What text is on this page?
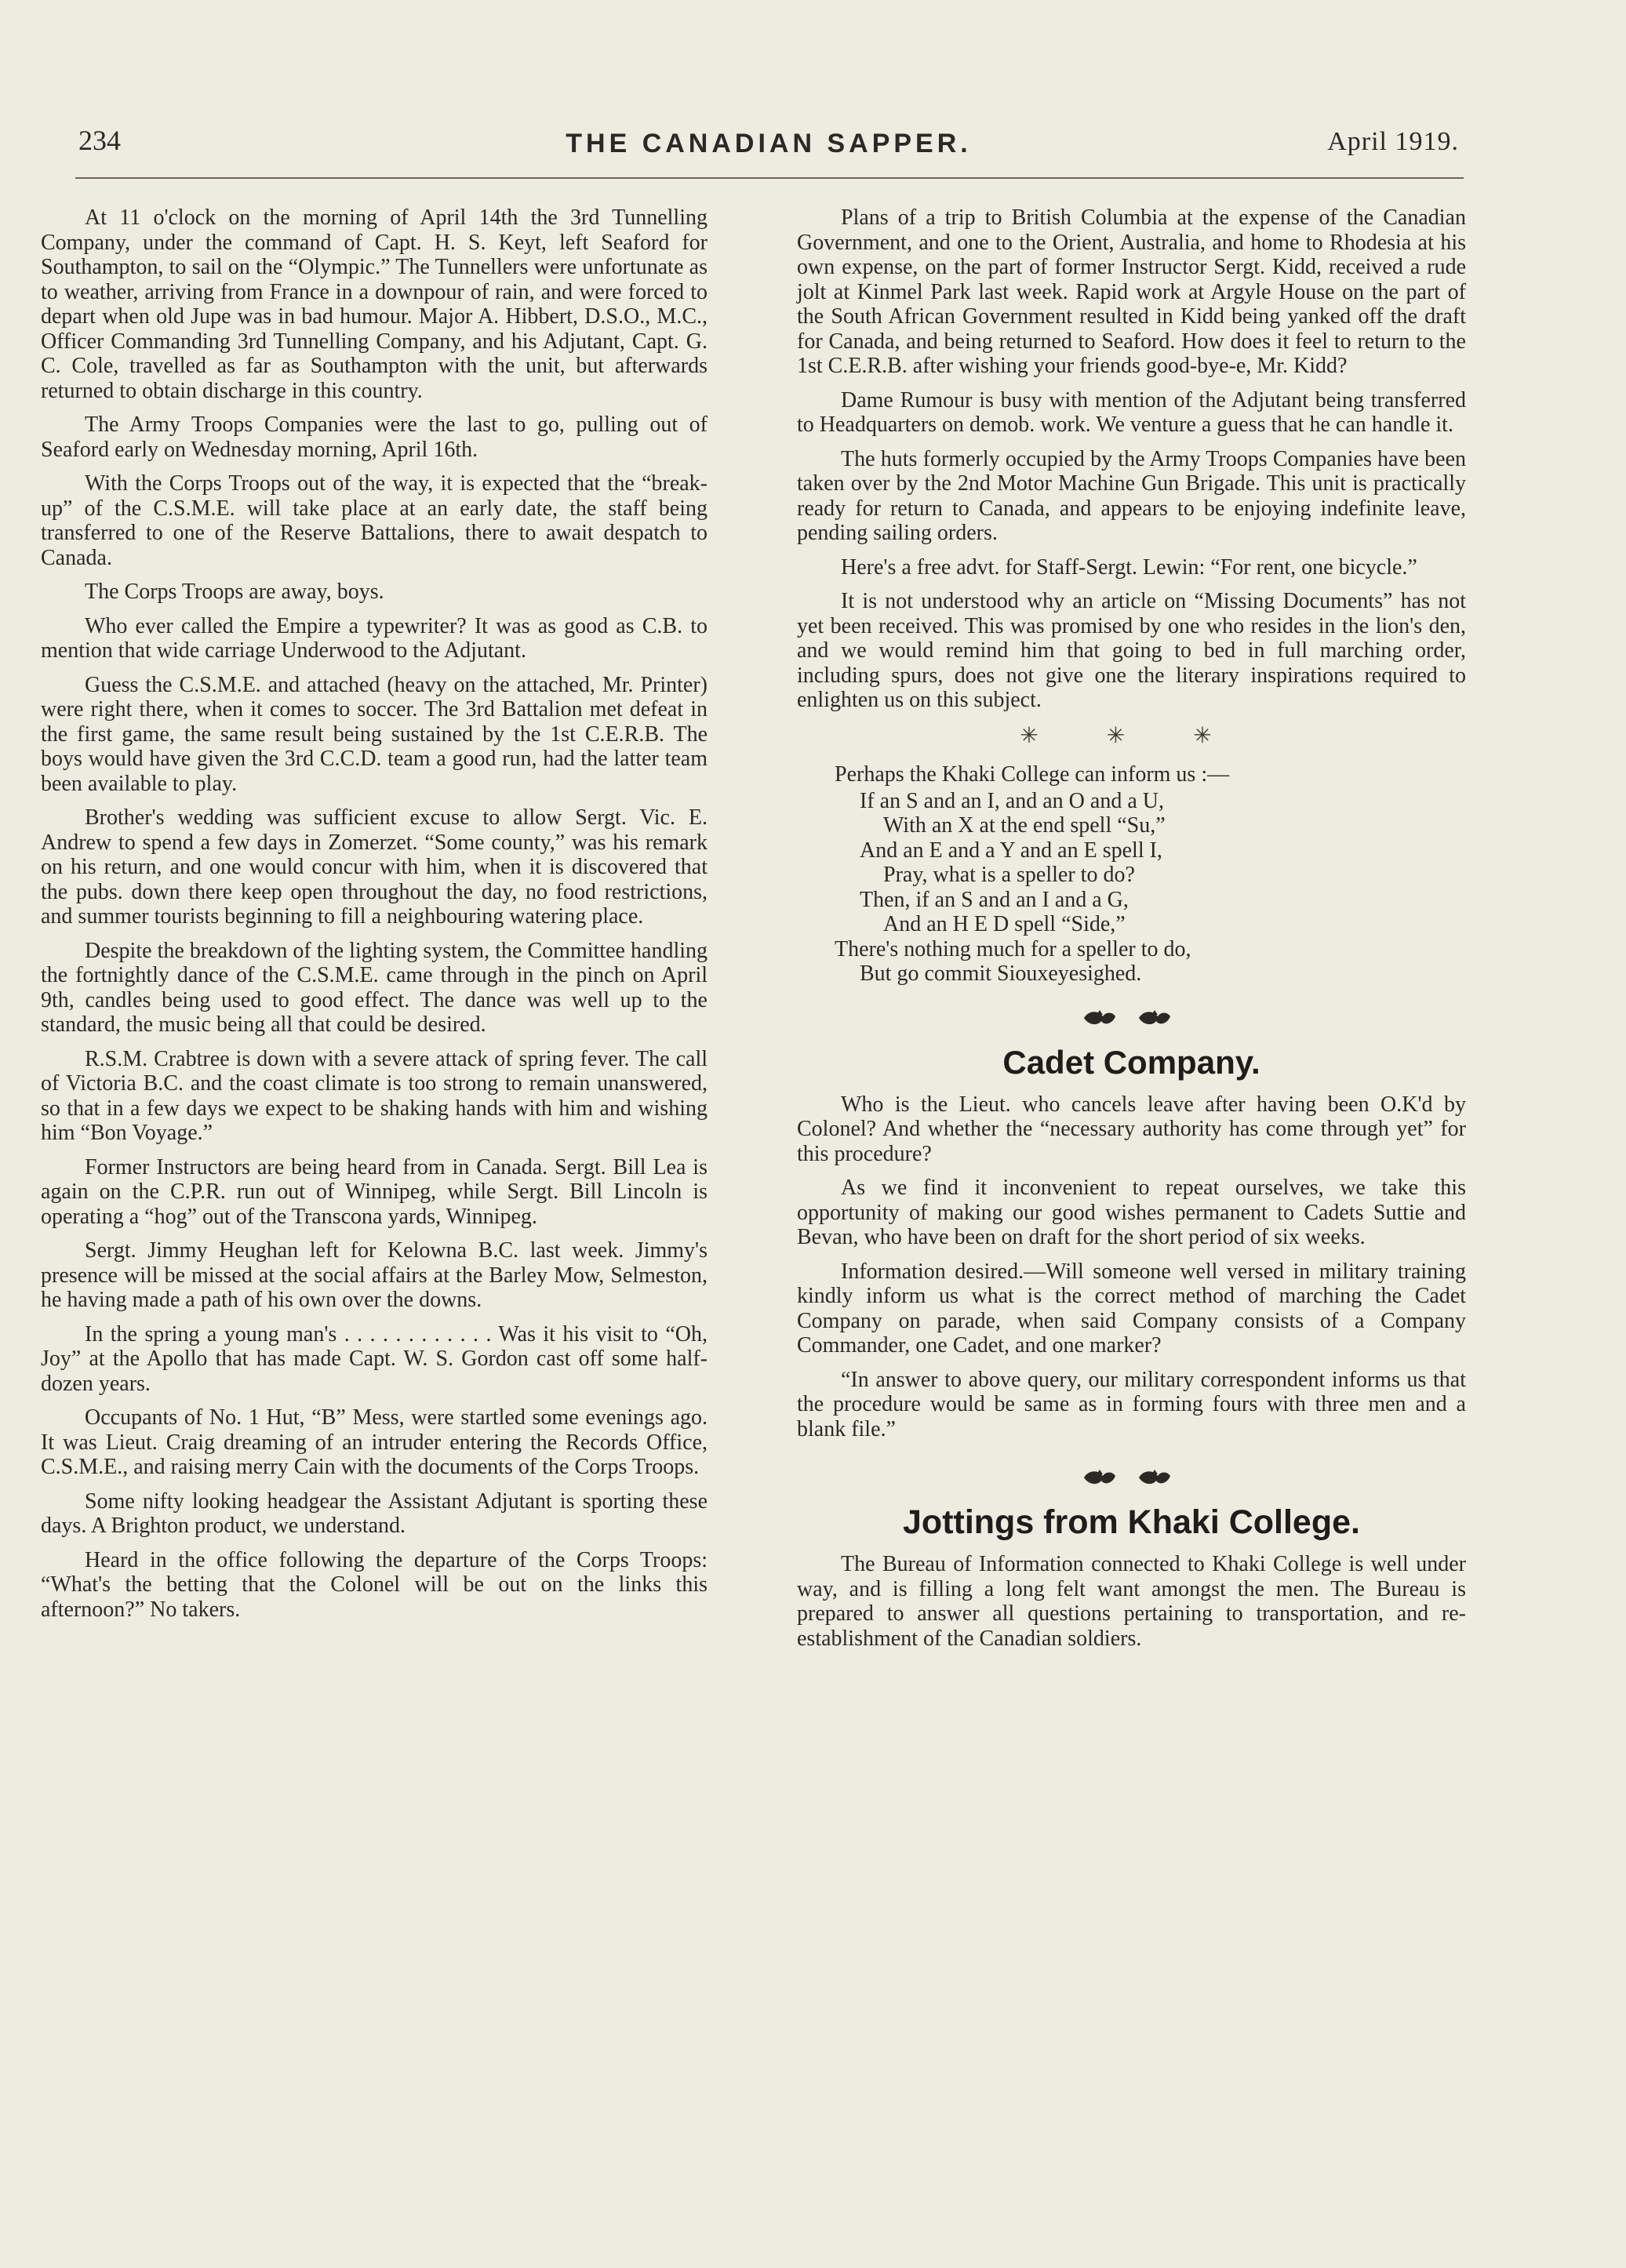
234	THE CANADIAN SAPPER.	April 1919.

At 11 o'clock on the morning of April 14th the 3rd Tunnelling Company, under the command of Capt. H. S. Keyt, left Seaford for Southampton, to sail on the “Olympic.” The Tunnellers were unfortunate as to weather, arriving from France in a downpour of rain, and were forced to depart when old Jupe was in bad humour. Major A. Hibbert, D.S.O., M.C., Officer Commanding 3rd Tunnelling Company, and his Adjutant, Capt. G. C. Cole, travelled as far as Southampton with the unit, but afterwards returned to obtain discharge in this country.

The Army Troops Companies were the last to go, pulling out of Seaford early on Wednesday morning, April 16th.

With the Corps Troops out of the way, it is expected that the “break-up” of the C.S.M.E. will take place at an early date, the staff being transferred to one of the Reserve Battalions, there to await despatch to Canada.

The Corps Troops are away, boys.

Who ever called the Empire a typewriter? It was as good as C.B. to mention that wide carriage Underwood to the Adjutant.

Guess the C.S.M.E. and attached (heavy on the attached, Mr. Printer) were right there, when it comes to soccer. The 3rd Battalion met defeat in the first game, the same result being sustained by the 1st C.E.R.B. The boys would have given the 3rd C.C.D. team a good run, had the latter team been available to play.

Brother's wedding was sufficient excuse to allow Sergt. Vic. E. Andrew to spend a few days in Zomerzet. “Some county,” was his remark on his return, and one would concur with him, when it is discovered that the pubs. down there keep open throughout the day, no food restrictions, and summer tourists beginning to fill a neighbouring watering place.

Despite the breakdown of the lighting system, the Committee handling the fortnightly dance of the C.S.M.E. came through in the pinch on April 9th, candles being used to good effect. The dance was well up to the standard, the music being all that could be desired.

R.S.M. Crabtree is down with a severe attack of spring fever. The call of Victoria B.C. and the coast climate is too strong to remain unanswered, so that in a few days we expect to be shaking hands with him and wishing him “Bon Voyage.”

Former Instructors are being heard from in Canada. Sergt. Bill Lea is again on the C.P.R. run out of Winnipeg, while Sergt. Bill Lincoln is operating a “hog” out of the Transcona yards, Winnipeg.

Sergt. Jimmy Heughan left for Kelowna B.C. last week. Jimmy's presence will be missed at the social affairs at the Barley Mow, Selmeston, he having made a path of his own over the downs.

In the spring a young man's . . . . . . . . . . . . Was it his visit to “Oh, Joy” at the Apollo that has made Capt. W. S. Gordon cast off some half-dozen years.

Occupants of No. 1 Hut, “B” Mess, were startled some evenings ago. It was Lieut. Craig dreaming of an intruder entering the Records Office, C.S.M.E., and raising merry Cain with the documents of the Corps Troops.

Some nifty looking headgear the Assistant Adjutant is sporting these days. A Brighton product, we understand.

Heard in the office following the departure of the Corps Troops: “What's the betting that the Colonel will be out on the links this afternoon?” No takers.

Plans of a trip to British Columbia at the expense of the Canadian Government, and one to the Orient, Australia, and home to Rhodesia at his own expense, on the part of former Instructor Sergt. Kidd, received a rude jolt at Kinmel Park last week. Rapid work at Argyle House on the part of the South African Government resulted in Kidd being yanked off the draft for Canada, and being returned to Seaford. How does it feel to return to the 1st C.E.R.B. after wishing your friends good-bye-e, Mr. Kidd?

Dame Rumour is busy with mention of the Adjutant being transferred to Headquarters on demob. work. We venture a guess that he can handle it.

The huts formerly occupied by the Army Troops Companies have been taken over by the 2nd Motor Machine Gun Brigade. This unit is practically ready for return to Canada, and appears to be enjoying indefinite leave, pending sailing orders.

Here's a free advt. for Staff-Sergt. Lewin: “For rent, one bicycle.”

It is not understood why an article on “Missing Documents” has not yet been received. This was promised by one who resides in the lion's den, and we would remind him that going to bed in full marching order, including spurs, does not give one the literary inspirations required to enlighten us on this subject.

✳ ✳ ✳

Perhaps the Khaki College can inform us :—

If an S and an I, and an O and a U,
With an X at the end spell “Su,”
And an E and a Y and an E spell I,
Pray, what is a speller to do?
Then, if an S and an I and a G,
And an H E D spell “Side,”
There's nothing much for a speller to do,
But go commit Siouxeyesighed.
Cadet Company.

Who is the Lieut. who cancels leave after having been O.K'd by Colonel? And whether the “necessary authority has come through yet” for this procedure?

As we find it inconvenient to repeat ourselves, we take this opportunity of making our good wishes permanent to Cadets Suttie and Bevan, who have been on draft for the short period of six weeks.

Information desired.—Will someone well versed in military training kindly inform us what is the correct method of marching the Cadet Company on parade, when said Company consists of a Company Commander, one Cadet, and one marker?

“In answer to above query, our military correspondent informs us that the procedure would be same as in forming fours with three men and a blank file.”

Jottings from Khaki College.

The Bureau of Information connected to Khaki College is well under way, and is filling a long felt want amongst the men. The Bureau is prepared to answer all questions pertaining to transportation, and re-establishment of the Canadian soldiers.
